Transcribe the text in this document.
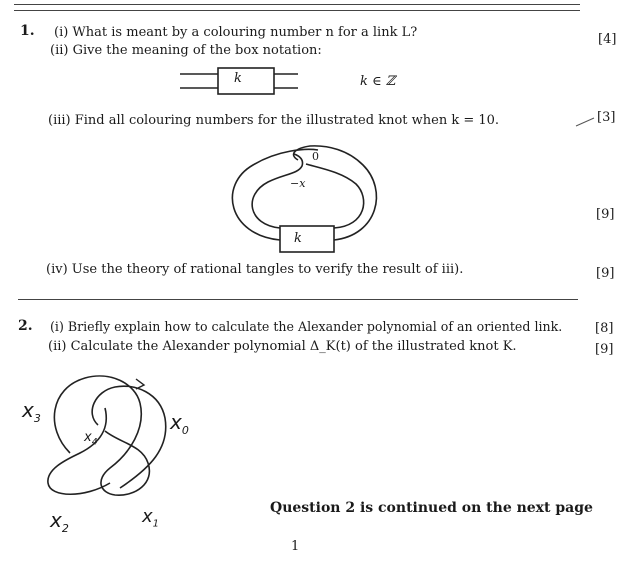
1. (i) What is meant by a colouring number n for a link L?	[4]
(ii) Give the meaning of the box notation:
k	k ∈ ℤ
(iii) Find all colouring numbers for the illustrated knot when k = 10.	[3]
0
−x
k
[9]
(iv) Use the theory of rational tangles to verify the result of iii).	[9]
2. (i) Briefly explain how to calculate the Alexander polynomial of an oriented link.	[8]
(ii) Calculate the Alexander polynomial Δ_K(t) of the illustrated knot K.	[9]
$x_3$	$x_0$
$x_4$
$x_2$
$x_1$
Question 2 is continued on the next page
1
